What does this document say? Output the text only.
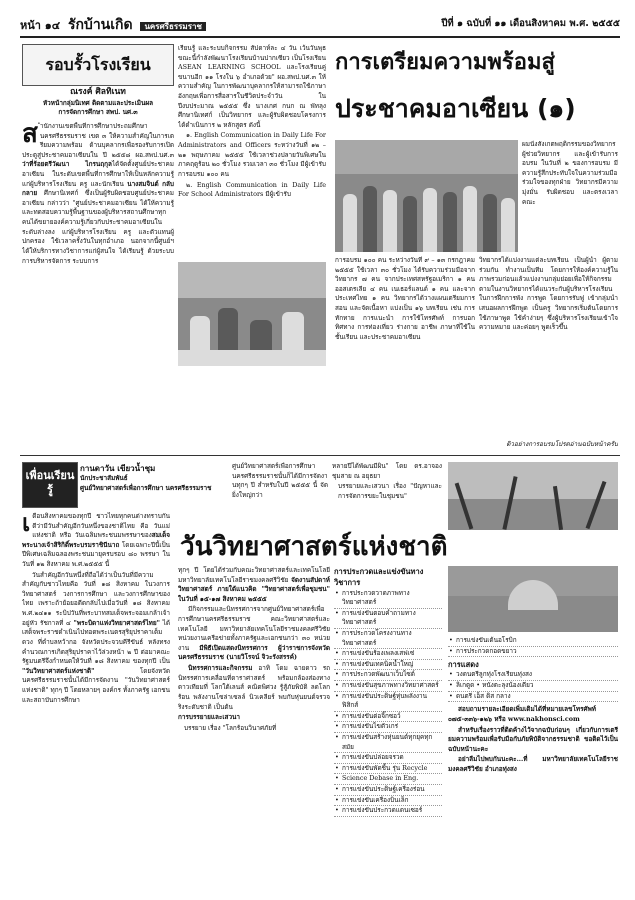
หน้า ๑๔ รักบ้านเกิด นครศรีธรรมราช	ปีที่ ๑ ฉบับที่ ๑๑ เดือนสิงหาคม พ.ศ. ๒๕๕๕
รอบรั้วโรงเรียน
ณรงค์ ศิลทิเนท
หัวหน้ากลุ่มนิเทศ ติดตามและประเมินผล
การจัดการศึกษา สพป. นศ.๓

สำนักงานเขตพื้นที่การศึกษาประถมศึกษานครศรีธรรมราช เขต ๓ ให้ความสำคัญในการเตรียมความพร้อม ด้านบุคลากรเพื่อรองรับการเปิดประตูสู่ประชาคมอาเซียนใน ปี ๒๕๕๘ ผอ.สพป.นศ.๓ ว่าที่ร้อยตรีวัฒนา ไกรนฤกุลได้จัดตั้งศูนย์ประชาคมอาเซียน ในระดับเขตพื้นที่การศึกษาให้เป็นหลักความรู้แก่ผู้บริหารโรงเรียน ครู และนักเรียน นางสมจินต์ กลับกลาย ศึกษานิเทศก์ ซึ่งเป็นผู้รับผิดชอบศูนย์ประชาคมอาเซียน กล่าวว่า "ศูนย์ประชาคมอาเซียน ได้ให้ความรู้และทดสอบความรู้พื้นฐานของผู้บริหารสถานศึกษาทุกคนได้ขยายองค์ความรู้เกี่ยวกับประชาคมอาเซียนในระดับล่างลง แก่ผู้บริหารโรงเรียน ครู และตัวแทนผู้ปกครอง ใช้เวลาครั้งวันในทุกอำเภอ นอกจากนี้ศูนย์ฯ ได้ให้บริการทางวิชาการแก่ผู้สนใจ ได้เรียนรู้ ด้วยระบบการบริหารจัดการ ระบบการ

เรียนรู้ และระบบกิจกรรม สัปดาห์ละ ๔ วัน เว้นวันพุธ ขณะนี้กำลังพัฒนาโรงเรียนบ้านปากเซียว เป็นโรงเรียน ASEAN LEARNING SCHOOL และโรงเรียนคู่ขนานอีก ๑๑ โรงใน ๖ อำเภอด้วย" ผอ.สพป.นศ.๓ ให้ความสำคัญ ในการพัฒนาบุคลากรให้สามารถใช้ภาษาอังกฤษเพื่อการสื่อสารในชีวิตประจำวัน ในปีงบประมาณ ๒๕๕๕ ซึ่ง นางเกศ กนก ณ พัทลุง ศึกษานิเทศก์ เป็นวิทยากร และผู้รับผิดชอบโครงการ ได้ดำเนินการ ๒ หลักสูตร ดังนี้

๑. English Communication in Daily Life For Administrators and Officers ระหว่างวันที่ ๑๒ – ๒๑ พฤษภาคม ๒๕๕๕ ใช้เวลาช่วงปลายวันพิเศษในภาคฤดูร้อน ๒๐ ชั่วโมง รวมเวลา ๓๐ ชั่วโมง มีผู้เข้ารับการอบรม ๑๐๐ คน

๒. English Communication in Daily Life For School Administrators มีผู้เข้ารับ

การเตรียมความพร้อมสู่
ประชาคมอาเซียน (๑)
ผมนั่งสังเกตพฤติกรรมของวิทยากรผู้ช่วยวิทยากร และผู้เข้ารับการอบรม ในวันที่ ๒ ของการอบรม มีความรู้สึกประทับใจในความร่วมมือ ร่วมใจของทุกฝ่าย วิทยากรมีความมุ่งมั่น รับผิดชอบ และตรงเวลา คณะ
การอบรม ๑๐๐ คน ระหว่างวันที่ ๙ – ๑๓ กรกฎาคม ๒๕๕๕ ใช้เวลา ๓๐ ชั่วโมง ได้รับความร่วมมือจากวิทยากร ๗ คน จากประเทศสหรัฐอเมริกา ๑ คน ออสเตรเลีย ๔ คน เนเธอร์แลนด์ ๑ คน และจากประเทศไทย ๑ คน วิทยากรได้วางแผนเตรียมการสอน และจัดเนื้อหา แบ่งเป็น ๑๖ บทเรียน เช่น การทักทาย การแนะนำ การใช้โทรศัพท์ การบอกทิศทาง การท่องเที่ยว ร่างกาย อาชีพ ภาษาที่ใช้ในชั้นเรียน และประชาคมอาเซียน
วิทยากรได้แบ่งงานแต่ละบทเรียน เป็นผู้นำ ผู้ตาม ร่วมกัน ทำงานเป็นทีม โดยการให้องค์ความรู้ในภาพรวมก่อนแล้วแบ่งงานกลุ่มย่อยเพื่อให้กิจกรรมตามในงานวิทยากรได้แนวระกับผู้บริหารโรงเรียน ในการฝึกการพัง การพูด โดยการรับฟู เข้ากลุ่มนำเสนอผลการฝึกพูด เป็นครู วิทยากรเริ่มต้นโดยการใช้ภาษาพูด ใช้คำง่ายๆ ซึ่งผู้บริหารโรงเรียนเข้าใจความหมาย และค่อยๆ พูดเร็วขึ้น
ติวอย่างการอบรมโปรดอ่านฉบับหน้าครับ
เพื่อนเรียนรู้
กานดาวัน เขียวน้ำชุม
นักประชาสัมพันธ์
ศูนย์วิทยาศาสตร์เพื่อการศึกษา นครศรีธรรมราช

เดือนสิงหาคมของทุกปี ชาวไทยทุกคนต่างทราบกันดีว่ามีวันสำคัญอีกวันหนึ่งของชาติไทย คือ วันแม่แห่งชาติ หรือ วันเฉลิมพระชนมพรรษาของสมเด็จพระนางเจ้าสิริกิติ์พระบรมราชินีนาถ โดยเฉพาะปีนี้เป็นปีพิเศษเฉลิมฉลองพระชนมายุครบรอบ ๘๐ พรรษา ในวันที่ ๑๒ สิงหาคม พ.ศ.๒๕๕๕ นี้

วันสำคัญอีกวันหนึ่งที่ถือได้ว่าเป็นวันที่มีความสำคัญกับชาวไทยคือ วันที่ ๑๘ สิงหาคม ในวงการวิทยาศาสตร์ วงการการศึกษา และวงการศึกษาของไทย เพราะถ้าย้อยอดีตกลับไปเมื่อวันที่ ๑๘ สิงหาคม พ.ศ.๒๔๑๑ ระบิปวันที่พระบาทสมเด็จพระจอมเกล้าเจ้าอยู่หัว รัชกาลที่ ๔ "พระบิดาแห่งวิทยาศาสตร์ไทย" ได้เสด็จพระราชดำเนินไปทอดพระเนตรสุริยุปราคาเต็มดวง ที่ตำบลหว้ากอ จังหวัดประจวบคีรีขันธ์ หลังทรงคำนวณการเกิดสุริยุปราคาไว้ล่วงหน้า ๒ ปี ต่อมาคณะรัฐมนตรีจึงกำหนดให้วันที่ ๑๘ สิงหาคม ของทุกปี เป็น "วันวิทยาศาสตร์แห่งชาติ"	โดยจังหวัดนครศรีธรรมราชนั้นได้มีการจัดงาน "วันวิทยาศาสตร์แห่งชาติ" ทุกๆ ปี โดยหลายๆ องค์กร ทั้งภาครัฐ เอกชน และสถาบันการศึกษา

ศูนย์วิทยาศาสตร์เพื่อการศึกษานครศรีธรรมราชนั้นก็ได้มีการจัดงานทุกๆ ปี สำหรับในปี ๒๕๕๕ นี้ จัดยิ่งใหญ่กว่า

หลายปีได้พัฒนมีผิน" โดย ดร.อาจอง ชุมสาย ณ อยุธยา

บรรยายและเสวนา เรื่อง "ปัญหาและการจัดการขยะในชุมชน"

วันวิทยาศาสตร์แห่งชาติ

ทุกๆ ปี โดยได้ร่วมกับคณะวิทยาศาสตร์และเทคโนโลยี มหาวิทยาลัยเทคโนโลยีราชมงคลศรีวิชัย จัดงานสัปดาห์วิทยาศาสตร์ ภายใต้แนวคิด "วิทยาศาสตร์เพื่อชุมชน" ในวันที่ ๑๕-๑๗ สิงหาคม ๒๕๕๕

มีกิจกรรมและนิทรรศการจากศูนย์วิทยาศาสตร์เพื่อการศึกษานครศรีธรรมราช คณะวิทยาศาสตร์และเทคโนโลยี มหาวิทยาลัยเทคโนโลยีราชมงคลศรีวิชัย หน่วยงานเครือข่ายทั้งภาครัฐและเอกชนกว่า ๓๐ หน่วยงาน มีพิธีเปิดแสดงนิทรรศการ ผู้ว่าราชการจังหวัดนครศรีธรรมราช (นายวิโรจน์ จิวะรังสรรค์)

นิทรรศการและกิจกรรม อาทิ โดม ฉายดาว รถนิทรรศการเคลื่อนที่ดาราศาสตร์ พร้อมกล้องส่องทางดาวเทียมที่ โลกใต้เลนส์ คณิตพิศวง รู้สู้ภัยพิบัติ ลดโลกร้อน พลังงานโซล่าเซลล์ นิวเคลียร์ พบกับหุ่นยนต์จรวจริงระดับชาติ เป็นต้น

การบรรยายและเสวนา

บรรยาย เรื่อง "โลกร้อนวินาศภัยที่

การประกวดและแข่งขันทางวิชาการ
• การประกวดวาดภาพทางวิทยาศาสตร์
• การแข่งขันตอบคำถามทางวิทยาศาสตร์
• การประกวดโครงงานทางวิทยาศาสตร์
• การแข่งขันร้องเพลงเสฟเซ่
• การแข่งขันเทคนิคน้ำใหญ่
• การประกวดพัฒนาเว็บไซต์
• การแข่งขันสุขภาพทางวิทยาศาสตร์
• การแข่งขันประดิษฐ์หุ่นพลังงานฟิสิกส์
• การแข่งขันต่อจิ๊กซอว์
• การแข่งขันไขตัวเกร่
• การแข่งขันสร้างหุ่นยนต์ทุกยุคทุกสมัย
• การแข่งขันปล่อยจรวด
• การแข่งขันพัดชิ้น รุ่น Recycle
• Science Debase in Eng.
• การแข่งขันประดิษฐ์เครื่องร่อน
• การแข่งขันเครื่องบินเล็ก
• การแข่งขันประกวดแดนเซอร์
• การแข่งขันเต้นอโรบิก
• การประกวดกอดขยาว
การแสดง
• วงดนตรีลูกทุ่งโรงเรียนทุ่งสง
• ลิเกตูด • หนังตะลุงน้องเดียว
• ดนตรี เอ็ส ดิส กลาง

สอบถามรายละเอียดเพิ่มเติมได้ที่หมายเลขโทรศัพท์ ๐๗๕-๓๓๖-๑๒๖ หรือ www.nakhonsci.com

สำหรับเรื่องราวที่ติดค้างไว้จากฉบับก่อนๆ เกี่ยวกับการเตรียมความพร้อมเพื่อรับมือกับภัยพิบัติจากธรรมชาติ ขอติดไว้เป็นฉบับหน้านะคะ

อย่าลืมไปพบกันนะคะ...ที่ มหาวิทยาลัยเทคโนโลยีราชมงคลศรีวิชัย อำเภอทุ่งสง
